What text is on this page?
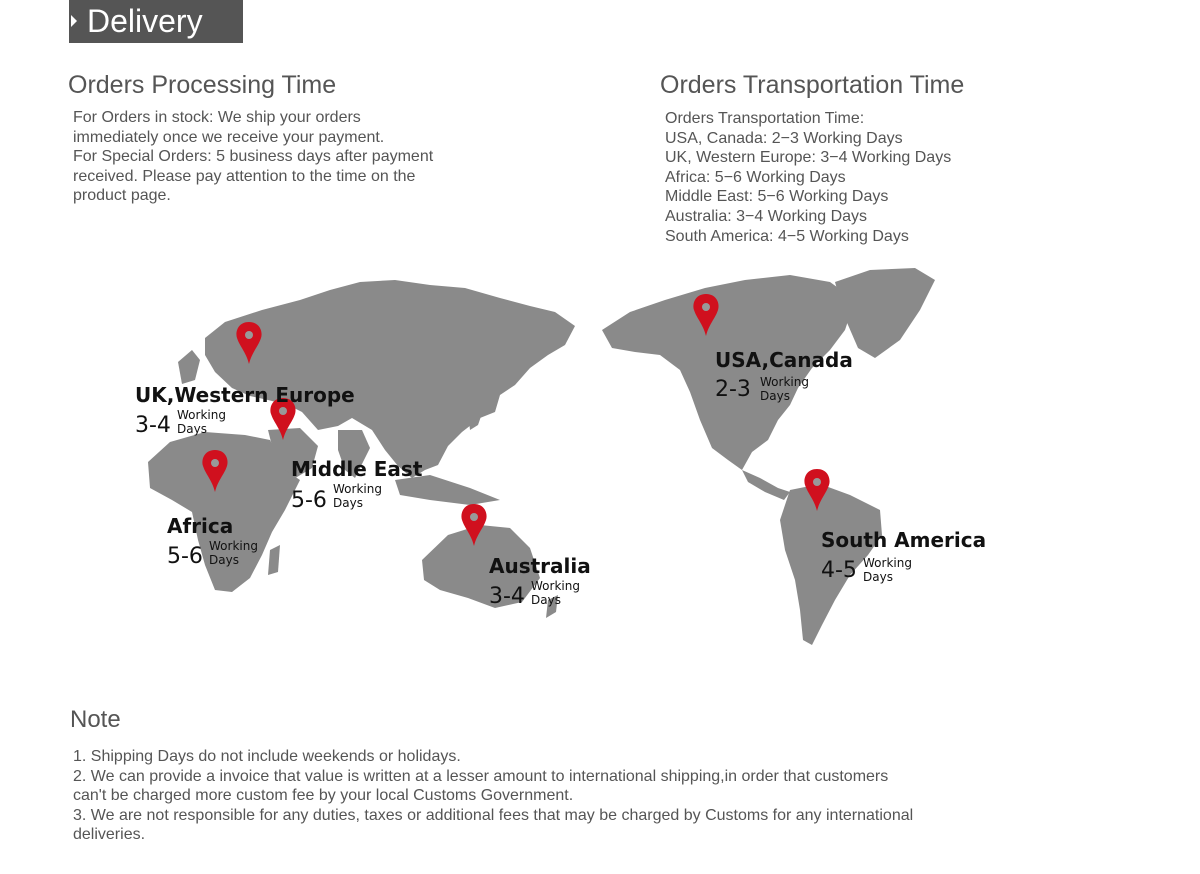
Delivery
Orders Processing Time
For Orders in stock: We ship your orders
immediately once we receive your payment.
For Special Orders: 5 business days after payment
received. Please pay attention to the time on the
product page.
Orders Transportation Time
Orders Transportation Time:
USA, Canada: 2−3 Working Days
UK, Western Europe: 3−4 Working Days
Africa: 5−6 Working Days
Middle East: 5−6 Working Days
Australia: 3−4 Working Days
South America: 4−5 Working Days
UK,Western Europe
3-4 Working
Days
Middle East
5-6 Working
Days
Africa
5-6 Working
Days	Australia
3-4 Working
Days
USA,Canada
2-3 Working
Days
South America
4-5 Working
Days
Note
1. Shipping Days do not include weekends or holidays.
2. We can provide a invoice that value is written at a lesser amount to international shipping,in order that customers
can't be charged more custom fee by your local Customs Government.
3. We are not responsible for any duties, taxes or additional fees that may be charged by Customs for any international
deliveries.
